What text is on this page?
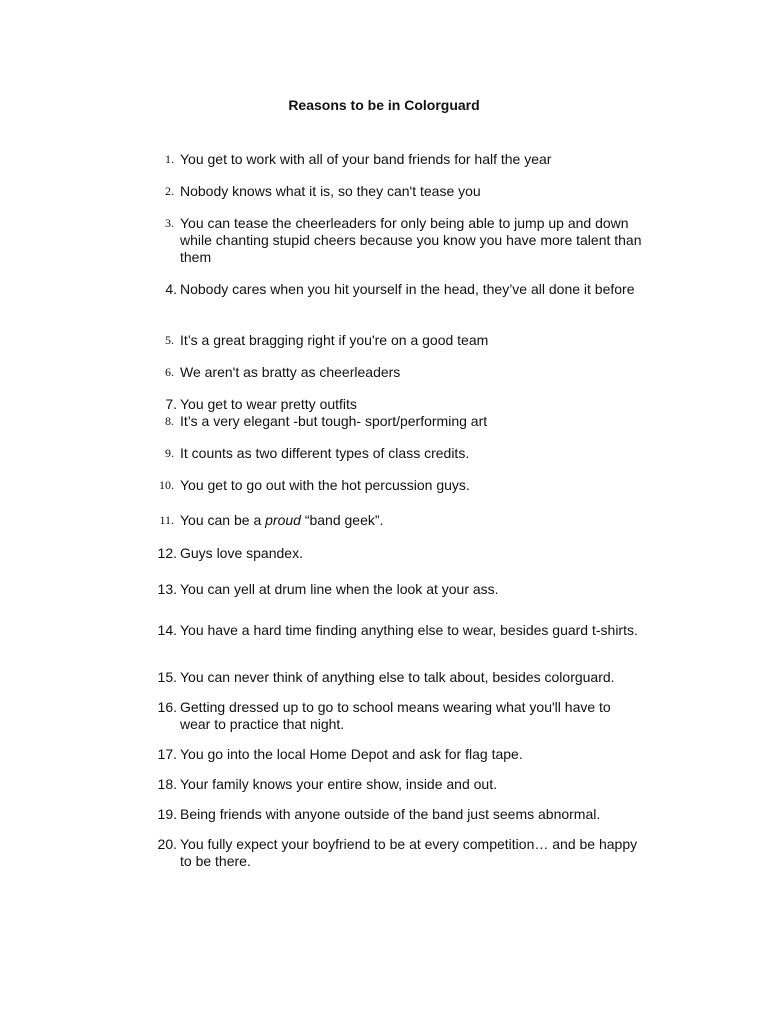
Reasons to be in Colorguard
1. You get to work with all of your band friends for half the year
2. Nobody knows what it is, so they can't tease you
3. You can tease the cheerleaders for only being able to jump up and down while chanting stupid cheers because you know you have more talent than them
4. Nobody cares when you hit yourself in the head, they’ve all done it before
5. It’s a great bragging right if you're on a good team
6. We aren't as bratty as cheerleaders
7. You get to wear pretty outfits
8. It’s a very elegant -but tough- sport/performing art
9. It counts as two different types of class credits.
10. You get to go out with the hot percussion guys.
11. You can be a proud “band geek”.
12. Guys love spandex.
13. You can yell at drum line when the look at your ass.
14. You have a hard time finding anything else to wear, besides guard t-shirts.
15. You can never think of anything else to talk about, besides colorguard.
16. Getting dressed up to go to school means wearing what you'll have to wear to practice that night.
17. You go into the local Home Depot and ask for flag tape.
18. Your family knows your entire show, inside and out.
19. Being friends with anyone outside of the band just seems abnormal.
20. You fully expect your boyfriend to be at every competition… and be happy to be there.
